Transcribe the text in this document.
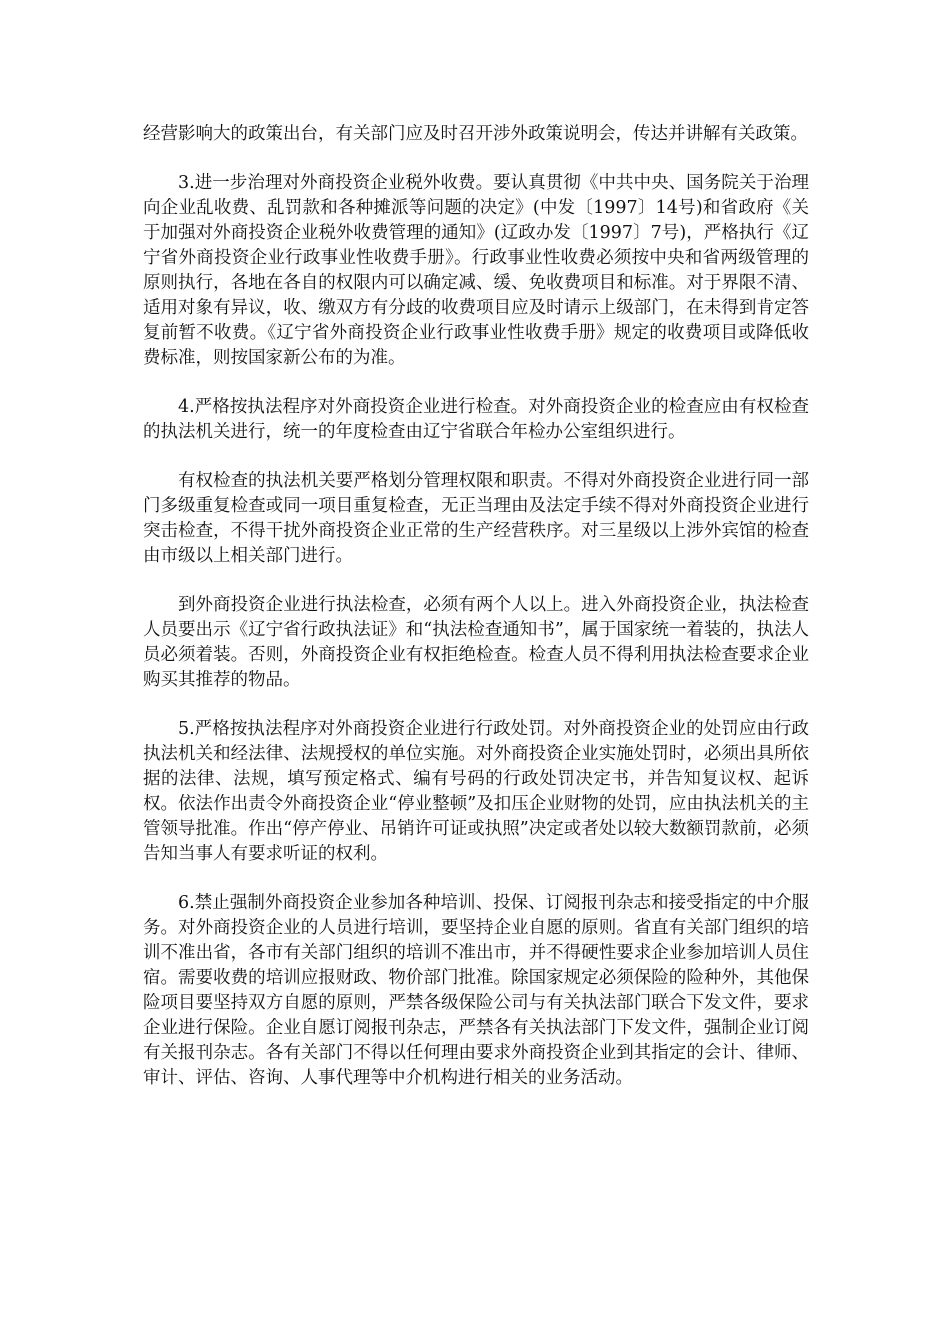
经营影响大的政策出台，有关部门应及时召开涉外政策说明会，传达并讲解有关政策。

3.进一步治理对外商投资企业税外收费。要认真贯彻《中共中央、国务院关于治理向企业乱收费、乱罚款和各种摊派等问题的决定》(中发〔1997〕14号)和省政府《关于加强对外商投资企业税外收费管理的通知》(辽政办发〔1997〕7号)，严格执行《辽宁省外商投资企业行政事业性收费手册》。行政事业性收费必须按中央和省两级管理的原则执行，各地在各自的权限内可以确定减、缓、免收费项目和标准。对于界限不清、适用对象有异议，收、缴双方有分歧的收费项目应及时请示上级部门，在未得到肯定答复前暂不收费。《辽宁省外商投资企业行政事业性收费手册》规定的收费项目或降低收费标准，则按国家新公布的为准。

4.严格按执法程序对外商投资企业进行检查。对外商投资企业的检查应由有权检查的执法机关进行，统一的年度检查由辽宁省联合年检办公室组织进行。

有权检查的执法机关要严格划分管理权限和职责。不得对外商投资企业进行同一部门多级重复检查或同一项目重复检查，无正当理由及法定手续不得对外商投资企业进行突击检查，不得干扰外商投资企业正常的生产经营秩序。对三星级以上涉外宾馆的检查由市级以上相关部门进行。

到外商投资企业进行执法检查，必须有两个人以上。进入外商投资企业，执法检查人员要出示《辽宁省行政执法证》和“执法检查通知书”，属于国家统一着装的，执法人员必须着装。否则，外商投资企业有权拒绝检查。检查人员不得利用执法检查要求企业购买其推荐的物品。

5.严格按执法程序对外商投资企业进行行政处罚。对外商投资企业的处罚应由行政执法机关和经法律、法规授权的单位实施。对外商投资企业实施处罚时，必须出具所依据的法律、法规，填写预定格式、编有号码的行政处罚决定书，并告知复议权、起诉权。依法作出责令外商投资企业“停业整顿”及扣压企业财物的处罚，应由执法机关的主管领导批准。作出“停产停业、吊销许可证或执照”决定或者处以较大数额罚款前，必须告知当事人有要求听证的权利。

6.禁止强制外商投资企业参加各种培训、投保、订阅报刊杂志和接受指定的中介服务。对外商投资企业的人员进行培训，要坚持企业自愿的原则。省直有关部门组织的培训不准出省，各市有关部门组织的培训不准出市，并不得硬性要求企业参加培训人员住宿。需要收费的培训应报财政、物价部门批准。除国家规定必须保险的险种外，其他保险项目要坚持双方自愿的原则，严禁各级保险公司与有关执法部门联合下发文件，要求企业进行保险。企业自愿订阅报刊杂志，严禁各有关执法部门下发文件，强制企业订阅有关报刊杂志。各有关部门不得以任何理由要求外商投资企业到其指定的会计、律师、审计、评估、咨询、人事代理等中介机构进行相关的业务活动。
